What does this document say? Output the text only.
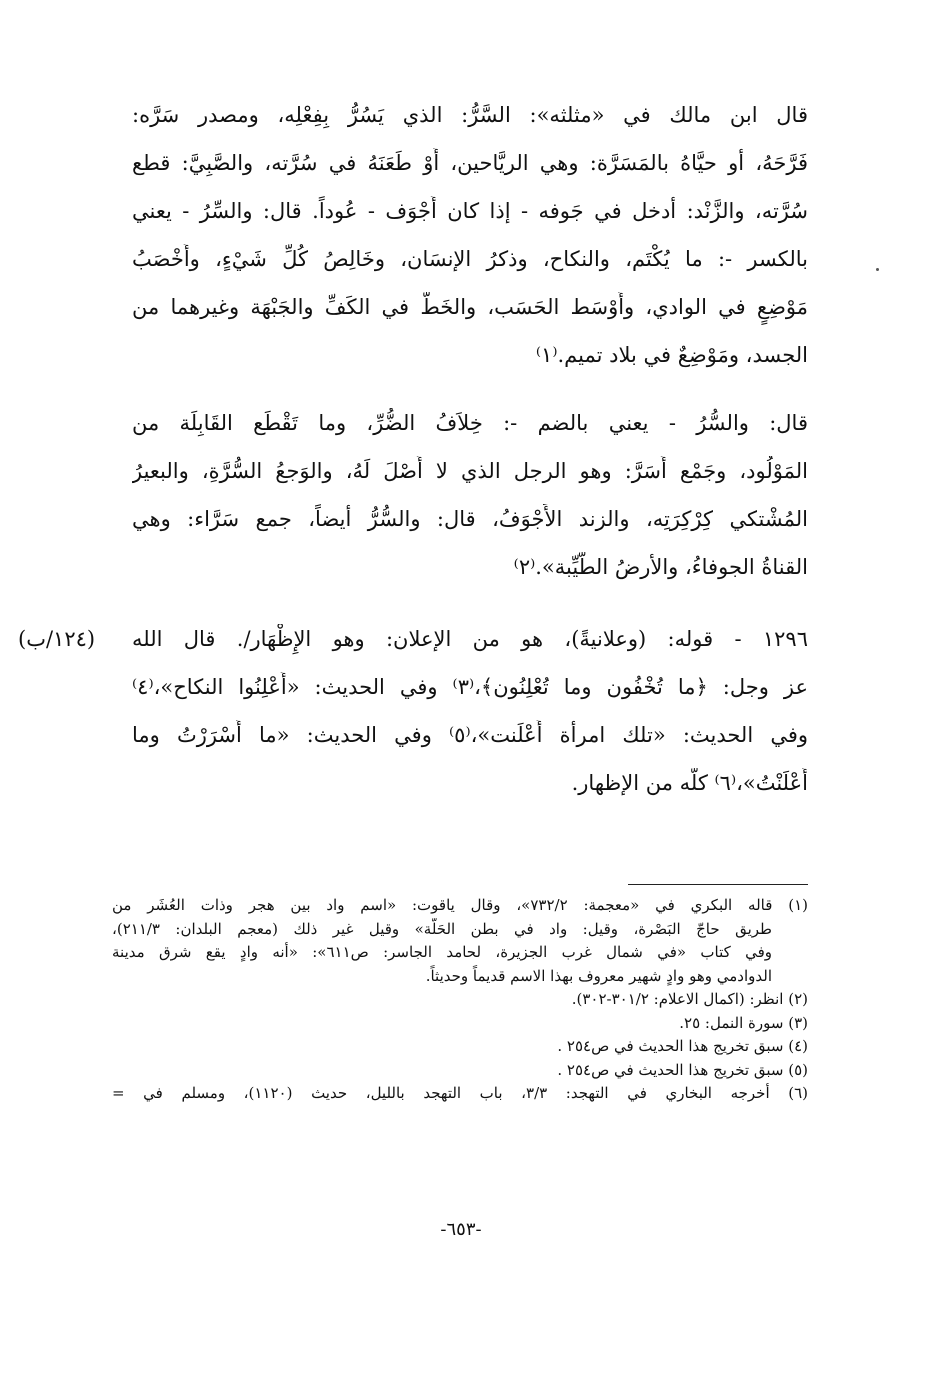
قال ابن مالك في «مثلثه»: السَّرُّ: الذي يَسُرُّ بِفِعْلِه، ومصدر سَرَّه:
فَرَّحَهُ، أو حيَّاهُ بالمَسَرَّة: وهي الريَّاحين، أَوْ طَعَنَهُ في سُرَّته، والصَّبِيَّ: قطع
سُرَّته، والزَّنْد: أدخل في جَوفه - إذا كان أَجْوَف - عُوداً. قال: والسِّرُ - يعني
بالكسر -: ما يُكْتَم، والنكاح، وذكرُ الإنسَان، وخَالِصُ كُلِّ شَيْءٍ، وأَخْصَبُ
مَوْضِعٍ في الوادي، وأَوْسَط الحَسَب، والخَطُّ في الكَفِّ والجَبْهَة وغيرهما من
الجسد، ومَوْضِعٌ في بلاد تميم.⁽١⁾
قال: والسُّرُ - يعني بالضم -: خِلاَفُ الضُّرِّ، وما تَقْطَع القَابِلَة من
المَوْلُود، وجَمْع أَسَرَّ: وهو الرجل الذي لا أَصْلَ لَهُ، والوَجعُ السُّرَّةِ، والبعيرُ
المُشْتكي كِرْكِرَتِه، والزند الأَجْوَفُ، قال: والسُّرُّ أيضاً، جمع سَرَّاء: وهي
القناةُ الجوفاءُ، والأرضُ الطَّيِّبة».⁽٢⁾
(١٢٤/ب) ١٢٩٦ - قوله: (وعلانيةً)، هو من الإعلان: وهو الإِظْهَار/. قال الله
عز وجل: ﴿ما تُخْفُون وما تُعْلِنُون﴾،⁽٣⁾ وفي الحديث: «أَعْلِنُوا النكاح»،⁽٤⁾
وفي الحديث: «تلك امرأة أَعْلَنت»،⁽٥⁾ وفي الحديث: «ما أَسْرَرْتُ وما
أَعْلَنْتُ»،⁽٦⁾ كلُّه من الإظهار.
(١) قاله البكري في «معجمة: ٧٣٢/٢»، وقال ياقوت: «اسم واد بين هجر وذات العُشَر من
طريق حاجّ البَصْرة، وقيل: واد في بطن الحَلَّة» وقيل غير ذلك (معجم البلدان: ٢١١/٣)،
وفي كتاب «في شمال غرب الجزيرة، لحامد الجاسر: ص٦١١»: «أنه وادٍ يقع شرق مدينة
الدوادمي وهو وادٍ شهير معروف بهذا الاسم قديماً وحديثاً.
(٢) انظر: (اكمال الاعلام: ٣٠١/٢-٣٠٢).
(٣) سورة النمل: ٢٥.
(٤) سبق تخريج هذا الحديث في ص٢٥٤ .
(٥) سبق تخريج هذا الحديث في ص٢٥٤ .
(٦) أخرجه البخاري في التهجد: ٣/٣، باب التهجد بالليل، حديث (١١٢٠)، ومسلم في =
-٦٥٣-
